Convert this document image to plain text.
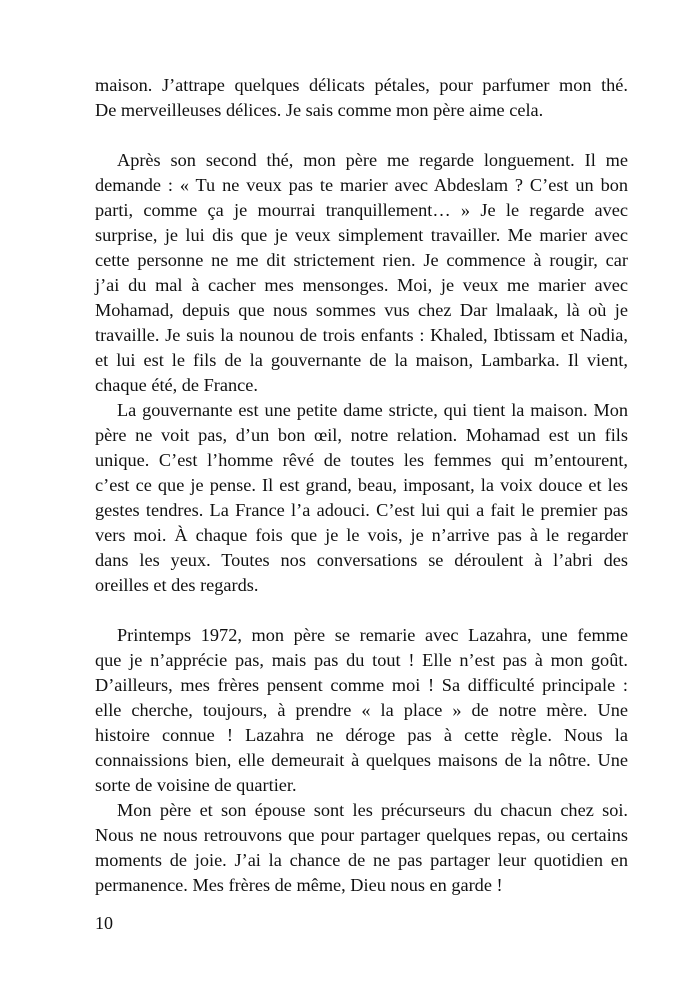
maison. J’attrape quelques délicats pétales, pour parfumer mon thé.
De merveilleuses délices. Je sais comme mon père aime cela.
Après son second thé, mon père me regarde longuement. Il me
demande : « Tu ne veux pas te marier avec Abdeslam ? C’est un bon
parti, comme ça je mourrai tranquillement… » Je le regarde avec
surprise, je lui dis que je veux simplement travailler. Me marier avec
cette personne ne me dit strictement rien. Je commence à rougir, car
j’ai du mal à cacher mes mensonges. Moi, je veux me marier avec
Mohamad, depuis que nous sommes vus chez Dar lmalaak, là où je
travaille. Je suis la nounou de trois enfants : Khaled, Ibtissam et Nadia,
et lui est le fils de la gouvernante de la maison, Lambarka. Il vient,
chaque été, de France.
La gouvernante est une petite dame stricte, qui tient la maison. Mon
père ne voit pas, d’un bon œil, notre relation. Mohamad est un fils
unique. C’est l’homme rêvé de toutes les femmes qui m’entourent,
c’est ce que je pense. Il est grand, beau, imposant, la voix douce et les
gestes tendres. La France l’a adouci. C’est lui qui a fait le premier pas
vers moi. À chaque fois que je le vois, je n’arrive pas à le regarder
dans les yeux. Toutes nos conversations se déroulent à l’abri des
oreilles et des regards.
Printemps 1972, mon père se remarie avec Lazahra, une femme
que je n’apprécie pas, mais pas du tout ! Elle n’est pas à mon goût.
D’ailleurs, mes frères pensent comme moi ! Sa difficulté principale :
elle cherche, toujours, à prendre « la place » de notre mère. Une
histoire connue ! Lazahra ne déroge pas à cette règle. Nous la
connaissions bien, elle demeurait à quelques maisons de la nôtre. Une
sorte de voisine de quartier.
Mon père et son épouse sont les précurseurs du chacun chez soi.
Nous ne nous retrouvons que pour partager quelques repas, ou certains
moments de joie. J’ai la chance de ne pas partager leur quotidien en
permanence. Mes frères de même, Dieu nous en garde !
10
